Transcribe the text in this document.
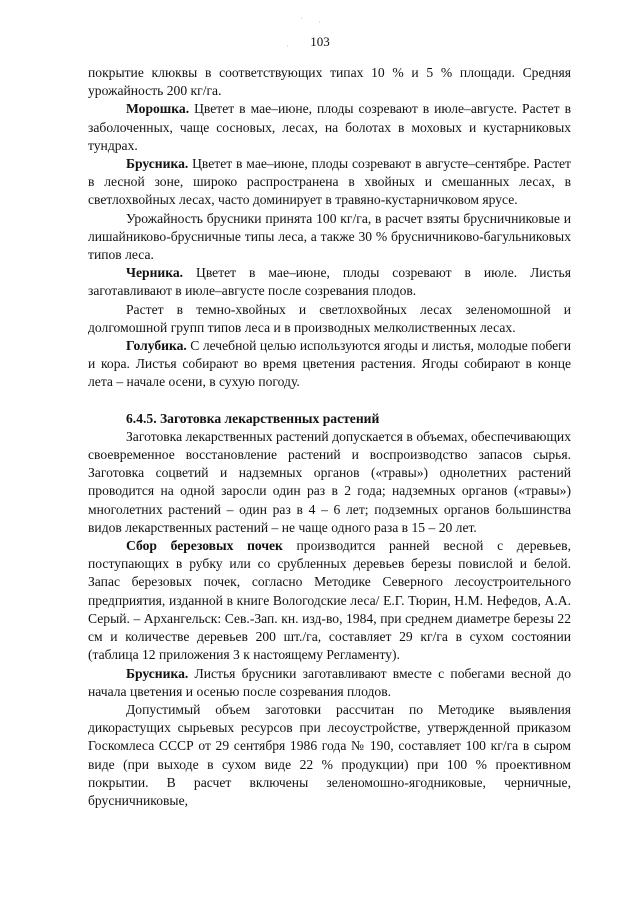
· ·
·	103

покрытие клюквы в соответствующих типах 10 % и 5 % площади. Средняя урожайность 200 кг/га.

Морошка. Цветет в мае–июне, плоды созревают в июле–августе. Растет в заболоченных, чаще сосновых, лесах, на болотах в моховых и кустарниковых тундрах.

Брусника. Цветет в мае–июне, плоды созревают в августе–сентябре. Растет в лесной зоне, широко распространена в хвойных и смешанных лесах, в светлохвойных лесах, часто доминирует в травяно-кустарничковом ярусе.

Урожайность брусники принята 100 кг/га, в расчет взяты брусничниковые и лишайниково-брусничные типы леса, а также 30 % брусничниково-багульниковых типов леса.

Черника. Цветет в мае–июне, плоды созревают в июле. Листья заготавливают в июле–августе после созревания плодов.

Растет в темно-хвойных и светлохвойных лесах зеленомошной и долгомошной групп типов леса и в производных мелколиственных лесах.

Голубика. С лечебной целью используются ягоды и листья, молодые побеги и кора. Листья собирают во время цветения растения. Ягоды собирают в конце лета – начале осени, в сухую погоду.

6.4.5. Заготовка лекарственных растений

Заготовка лекарственных растений допускается в объемах, обеспечивающих своевременное восстановление растений и воспроизводство запасов сырья. Заготовка соцветий и надземных органов («травы») однолетних растений проводится на одной заросли один раз в 2 года; надземных органов («травы») многолетних растений – один раз в 4 – 6 лет; подземных органов большинства видов лекарственных растений – не чаще одного раза в 15 – 20 лет.

Сбор березовых почек производится ранней весной с деревьев, поступающих в рубку или со срубленных деревьев березы повислой и белой. Запас березовых почек, согласно Методике Северного лесоустроительного предприятия, изданной в книге Вологодские леса/ Е.Г. Тюрин, Н.М. Нефедов, А.А. Серый. – Архангельск: Сев.-Зап. кн. изд-во, 1984, при среднем диаметре березы 22 см и количестве деревьев 200 шт./га, составляет 29 кг/га в сухом состоянии (таблица 12 приложения 3 к настоящему Регламенту).

Брусника. Листья брусники заготавливают вместе с побегами весной до начала цветения и осенью после созревания плодов.

Допустимый объем заготовки рассчитан по Методике выявления дикорастущих сырьевых ресурсов при лесоустройстве, утвержденной приказом Госкомлеса СССР от 29 сентября 1986 года № 190, составляет 100 кг/га в сыром виде (при выходе в сухом виде 22 % продукции) при 100 % проективном покрытии. В расчет включены зеленомошно-ягодниковые, черничные, брусничниковые,
